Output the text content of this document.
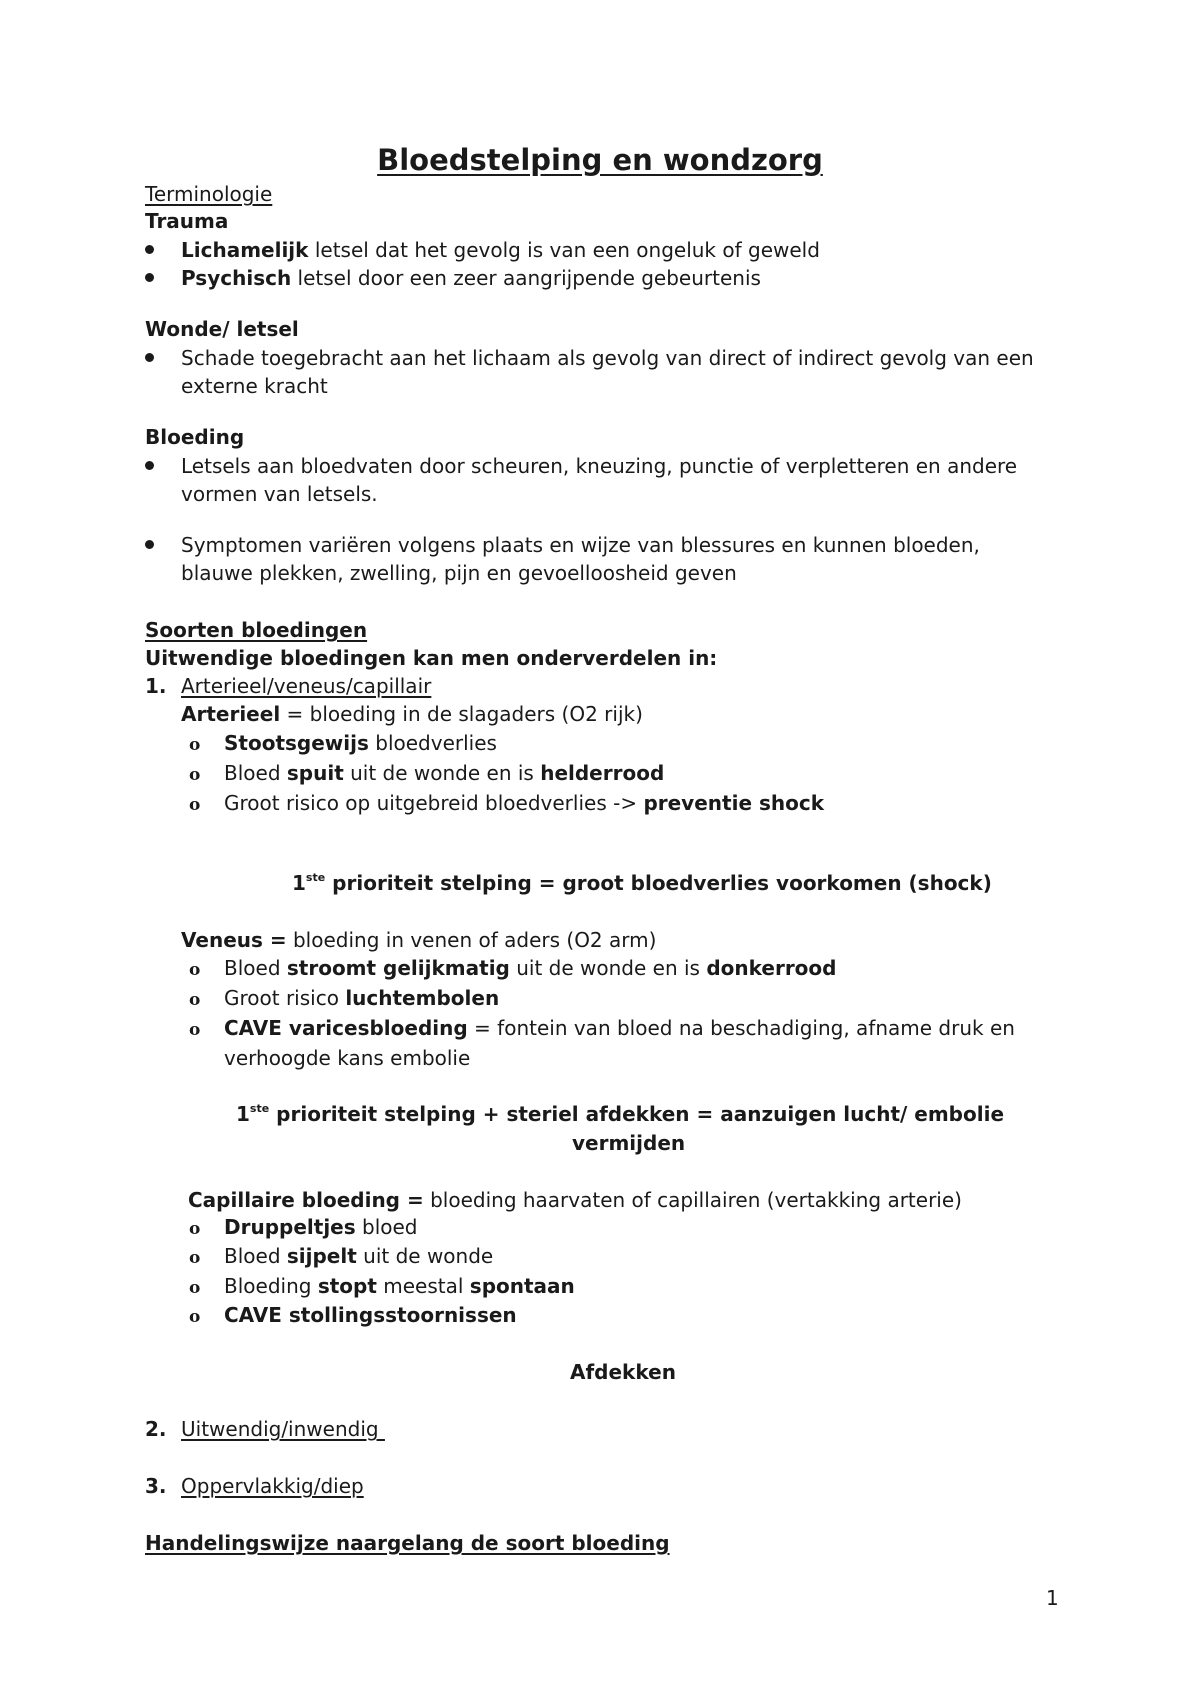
Bloedstelping en wondzorg
Terminologie
Trauma
Lichamelijk letsel dat het gevolg is van een ongeluk of geweld
Psychisch letsel door een zeer aangrijpende gebeurtenis
Wonde/ letsel
Schade toegebracht aan het lichaam als gevolg van direct of indirect gevolg van een
externe kracht
Bloeding
Letsels aan bloedvaten door scheuren, kneuzing, punctie of verpletteren en andere
vormen van letsels.
Symptomen variëren volgens plaats en wijze van blessures en kunnen bloeden,
blauwe plekken, zwelling, pijn en gevoelloosheid geven
Soorten bloedingen
Uitwendige bloedingen kan men onderverdelen in:
1. Arterieel/veneus/capillair
Arterieel = bloeding in de slagaders (O2 rijk)
o Stootsgewijs bloedverlies
o Bloed spuit uit de wonde en is helderrood
o Groot risico op uitgebreid bloedverlies -> preventie shock
1ste prioriteit stelping = groot bloedverlies voorkomen (shock)
Veneus = bloeding in venen of aders (O2 arm)
o Bloed stroomt gelijkmatig uit de wonde en is donkerrood
o Groot risico luchtembolen
o CAVE varicesbloeding = fontein van bloed na beschadiging, afname druk en
verhoogde kans embolie
1ste prioriteit stelping + steriel afdekken = aanzuigen lucht/ embolie
vermijden
Capillaire bloeding = bloeding haarvaten of capillairen (vertakking arterie)
o Druppeltjes bloed
o Bloed sijpelt uit de wonde
o Bloeding stopt meestal spontaan
o CAVE stollingsstoornissen
Afdekken
2. Uitwendig/inwendig
3. Oppervlakkig/diep
Handelingswijze naargelang de soort bloeding
1
